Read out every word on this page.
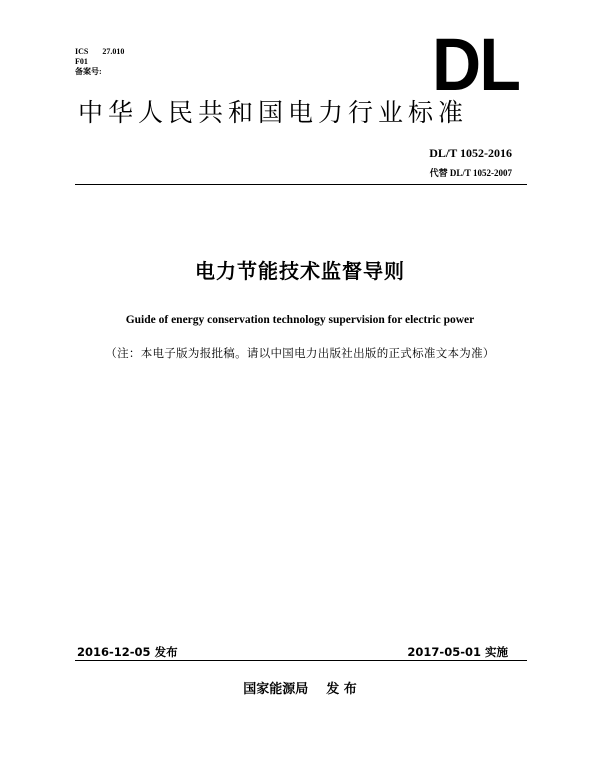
ICS 27.010
F01
备案号:	DL
中华人民共和国电力行业标准
DL/T 1052-2016
代替 DL/T 1052-2007
电力节能技术监督导则
Guide of energy conservation technology supervision for electric power
（注：本电子版为报批稿。请以中国电力出版社出版的正式标准文本为准）
2016-12-05 发布	2017-05-01 实施
国家能源局 发 布
